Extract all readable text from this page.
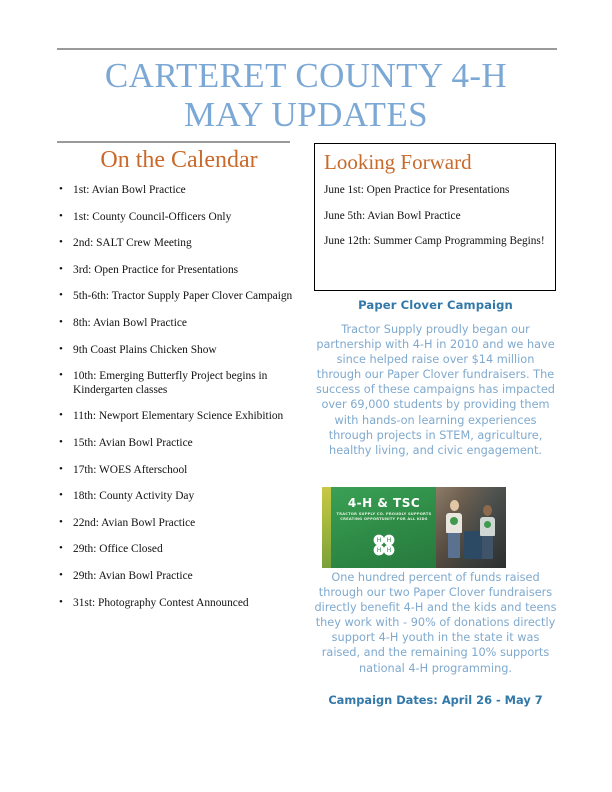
CARTERET COUNTY 4-H
MAY UPDATES
On the Calendar
• 1st: Avian Bowl Practice
• 1st: County Council-Officers Only
• 2nd: SALT Crew Meeting
• 3rd: Open Practice for Presentations
• 5th-6th: Tractor Supply Paper Clover Campaign
• 8th: Avian Bowl Practice
• 9th Coast Plains Chicken Show
• 10th: Emerging Butterfly Project begins in Kindergarten classes
• 11th: Newport Elementary Science Exhibition
• 15th: Avian Bowl Practice
• 17th: WOES Afterschool
• 18th: County Activity Day
• 22nd: Avian Bowl Practice
• 29th: Office Closed
• 29th: Avian Bowl Practice
• 31st: Photography Contest Announced
Looking Forward
June 1st: Open Practice for Presentations
June 5th: Avian Bowl Practice
June 12th: Summer Camp Programming Begins!
Paper Clover Campaign

Tractor Supply proudly began our partnership with 4-H in 2010 and we have since helped raise over $14 million through our Paper Clover fundraisers. The success of these campaigns has impacted over 69,000 students by providing them with hands-on learning experiences through projects in STEM, agriculture, healthy living, and civic engagement.

4-H & TSC
TRACTOR SUPPLY CO. PROUDLY SUPPORTS CREATING OPPORTUNITY FOR ALL KIDS
H H
H H

One hundred percent of funds raised through our two Paper Clover fundraisers directly benefit 4-H and the kids and teens they work with - 90% of donations directly support 4-H youth in the state it was raised, and the remaining 10% supports national 4-H programming.

Campaign Dates: April 26 - May 7
